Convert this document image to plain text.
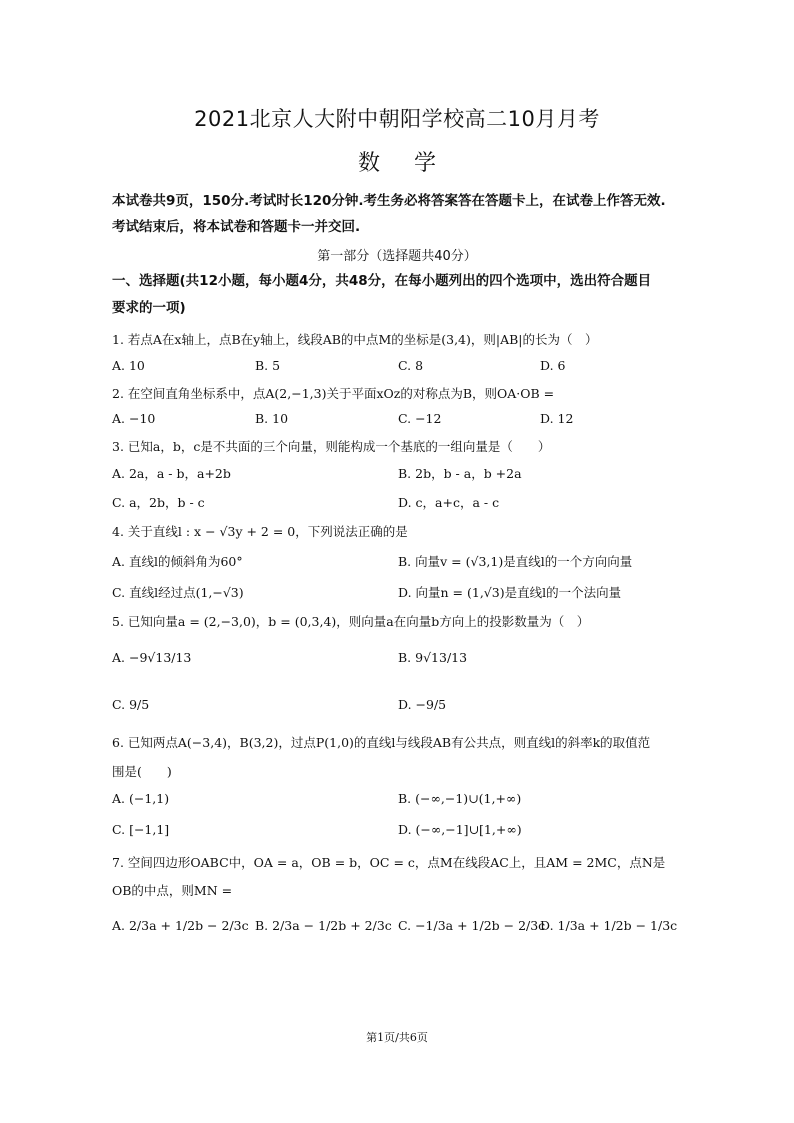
2021北京人大附中朝阳学校高二10月月考
数学
本试卷共9页，150分.考试时长120分钟.考生务必将答案答在答题卡上，在试卷上作答无效.
考试结束后，将本试卷和答题卡一并交回.
第一部分（选择题共40分）
一、选择题(共12小题，每小题4分，共48分，在每小题列出的四个选项中，选出符合题目
要求的一项)
1. 若点A在x轴上，点B在y轴上，线段AB的中点M的坐标是(3,4)，则|AB|的长为（　）
A. 10	B. 5	C. 8	D. 6
2. 在空间直角坐标系中，点A(2,−1,3)关于平面xOz的对称点为B，则OA·OB =
A. −10	B. 10	C. −12	D. 12
3. 已知a，b，c是不共面的三个向量，则能构成一个基底的一组向量是（　　）
A. 2a，a - b，a+2b	B. 2b，b - a，b +2a
C. a，2b，b - c	D. c，a+c，a - c
4. 关于直线l : x − √3y + 2 = 0，下列说法正确的是
A. 直线l的倾斜角为60°	B. 向量v = (√3,1)是直线l的一个方向向量
C. 直线l经过点(1,−√3)	D. 向量n = (1,√3)是直线l的一个法向量
5. 已知向量a = (2,−3,0)，b = (0,3,4)，则向量a在向量b方向上的投影数量为（　）
A. −9√13/13	B. 9√13/13
C. 9/5	D. −9/5
6. 已知两点A(−3,4)，B(3,2)，过点P(1,0)的直线l与线段AB有公共点，则直线l的斜率k的取值范
围是(　　)
A. (−1,1)	B. (−∞,−1)∪(1,+∞)
C. [−1,1]	D. (−∞,−1]∪[1,+∞)
7. 空间四边形OABC中，OA = a，OB = b，OC = c，点M在线段AC上，且AM = 2MC，点N是
OB的中点，则MN =
A. 2/3a + 1/2b − 2/3c B. 2/3a − 1/2b + 2/3c C. −1/3a + 1/2b − 2/3c
D. 1/3a + 1/2b − 1/3c
第1页/共6页
